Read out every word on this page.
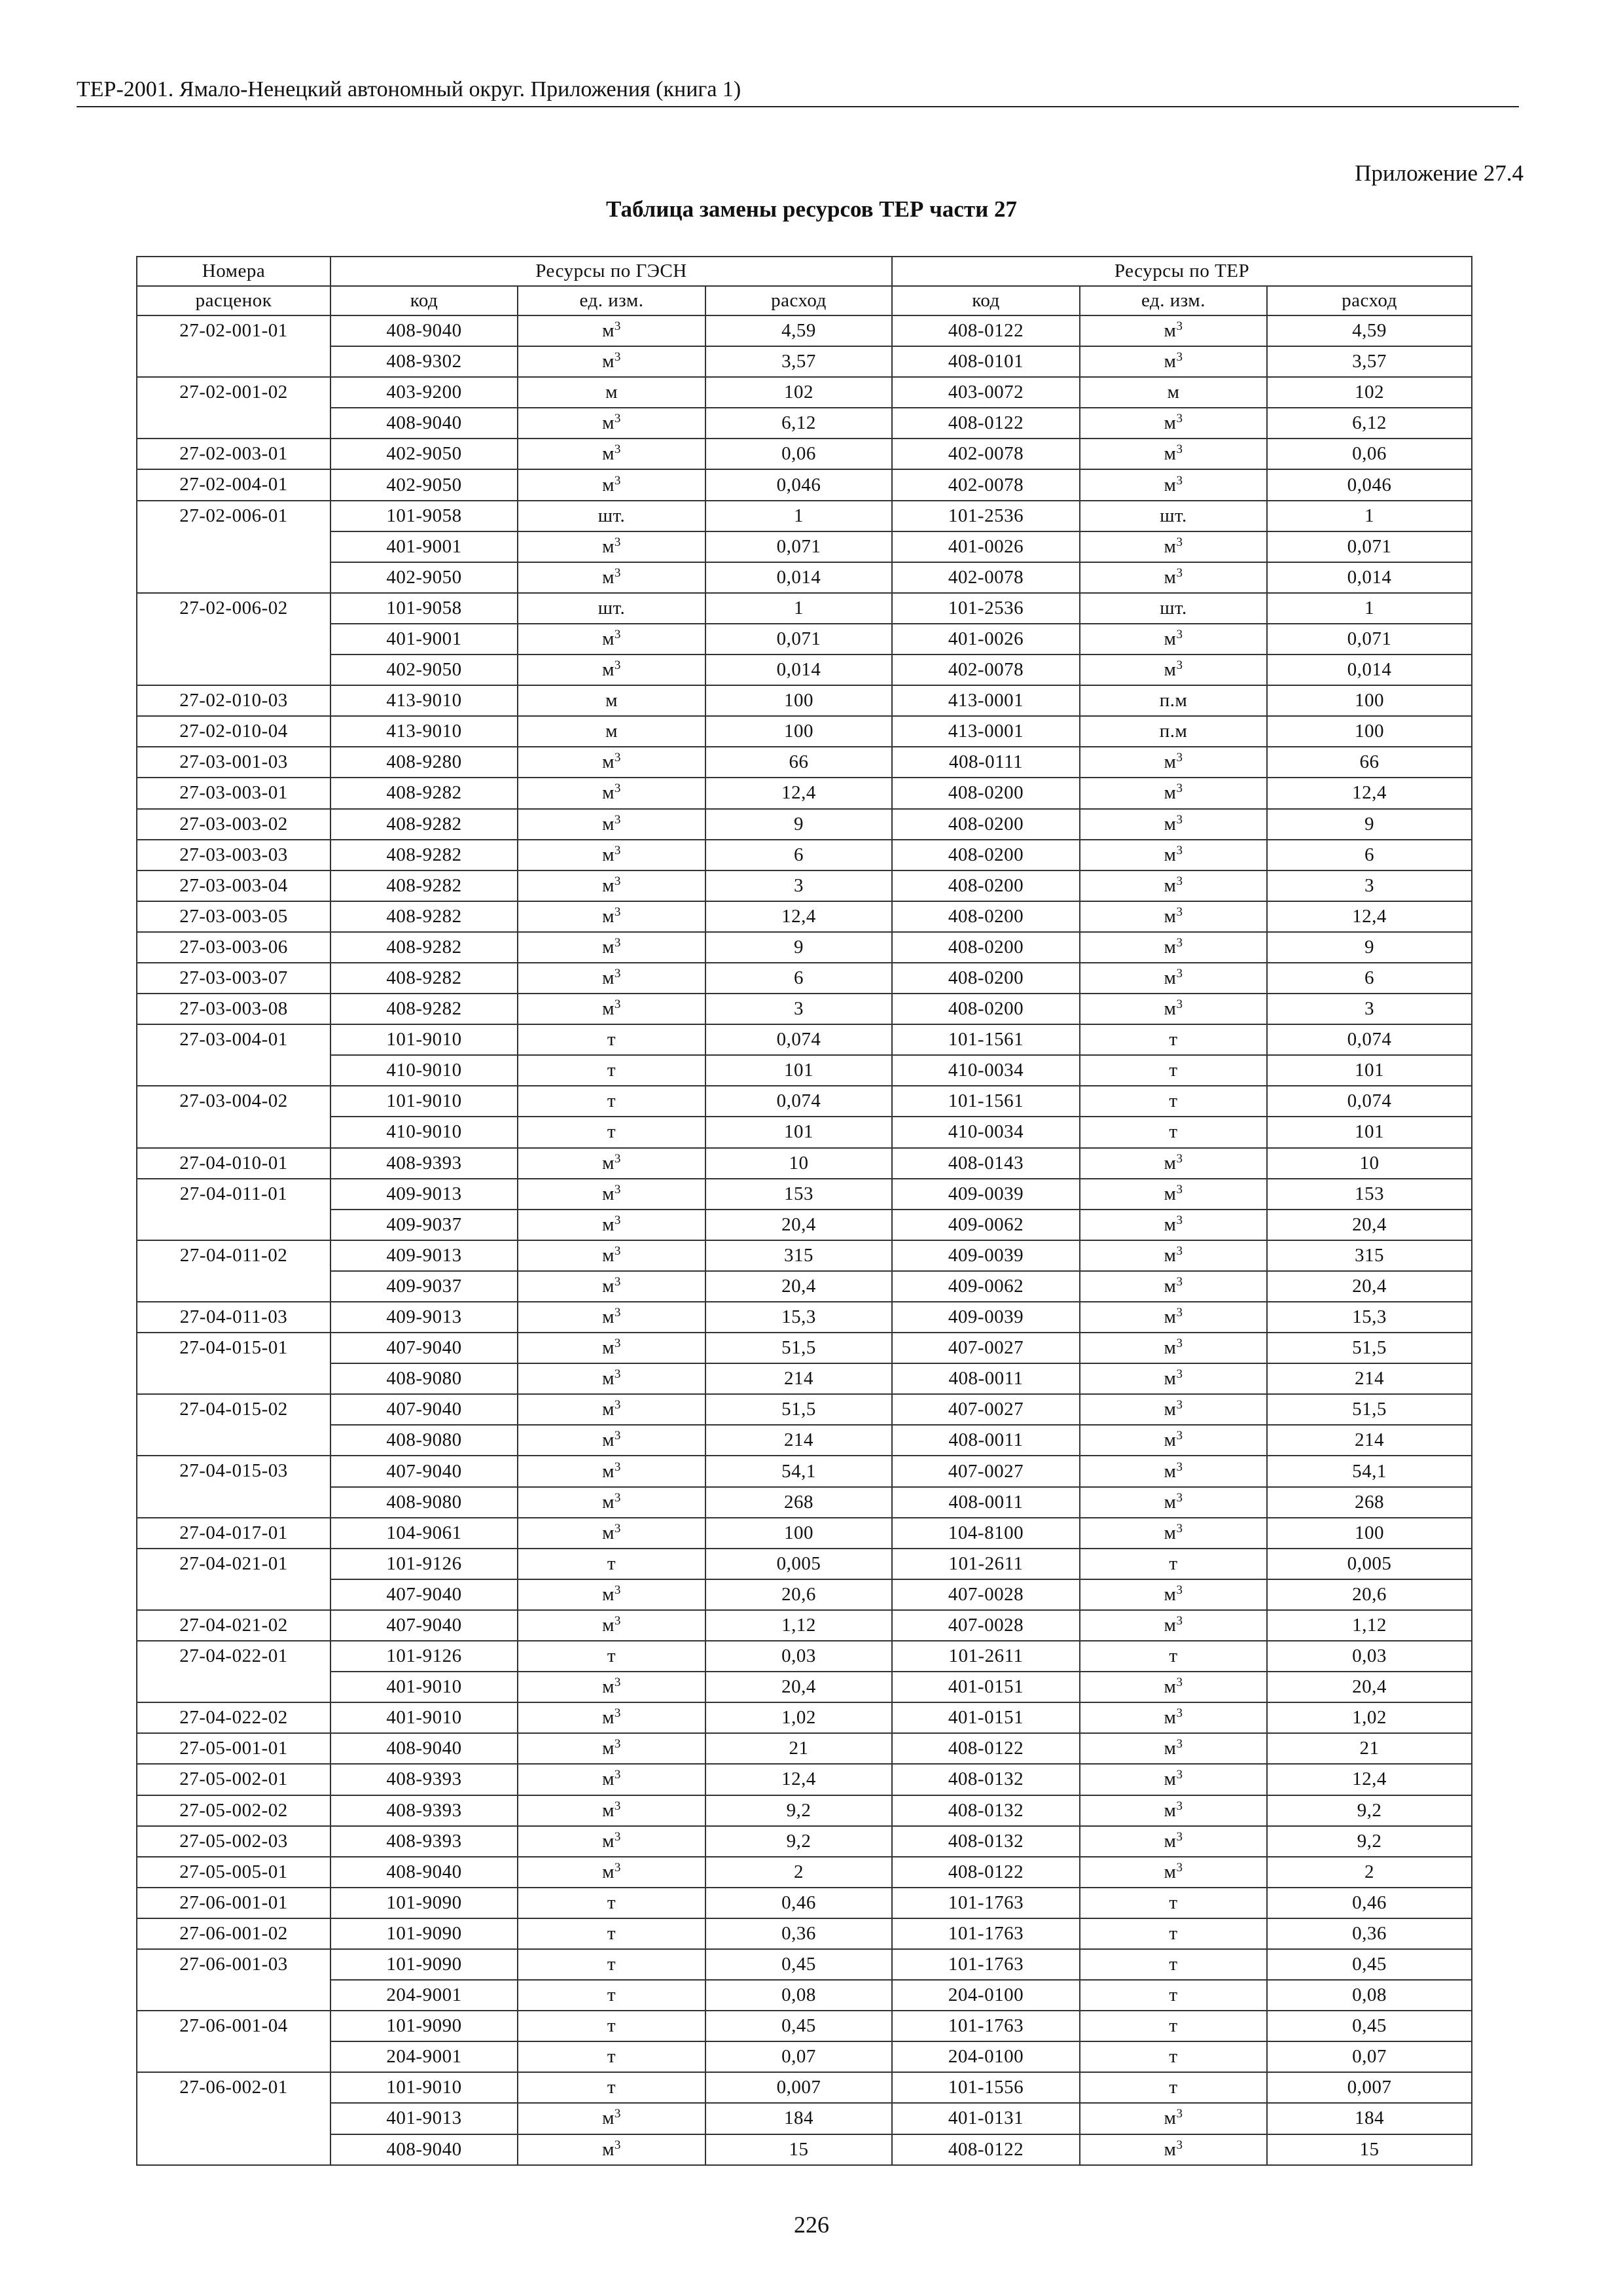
ТЕР-2001. Ямало-Ненецкий автономный округ. Приложения (книга 1)
Приложение 27.4
Таблица замены ресурсов ТЕР части 27
Номера	Ресурсы по ГЭСН			Ресурсы по ТЕР		
расценок	код	ед. изм.	расход	код	ед. изм.	расход
27-02-001-01	408-9040	$м^3$	4,59	408-0122	$м^3$	4,59
	408-9302	$м^3$	3,57	408-0101	$м^3$	3,57
27-02-001-02	403-9200	м	102	403-0072	м	102
	408-9040	$м^3$	6,12	408-0122	$м^3$	6,12
27-02-003-01	402-9050	$м^3$	0,06	402-0078	$м^3$	0,06
27-02-004-01	402-9050	$м^3$	0,046	402-0078	$м^3$	0,046
27-02-006-01	101-9058	шт.	1	101-2536	шт.	1
	401-9001	$м^3$	0,071	401-0026	$м^3$	0,071
	402-9050	$м^3$	0,014	402-0078	$м^3$	0,014
27-02-006-02	101-9058	шт.	1	101-2536	шт.	1
	401-9001	$м^3$	0,071	401-0026	$м^3$	0,071
	402-9050	$м^3$	0,014	402-0078	$м^3$	0,014
27-02-010-03	413-9010	м	100	413-0001	п.м	100
27-02-010-04	413-9010	м	100	413-0001	п.м	100
27-03-001-03	408-9280	$м^3$	66	408-0111	$м^3$	66
27-03-003-01	408-9282	$м^3$	12,4	408-0200	$м^3$	12,4
27-03-003-02	408-9282	$м^3$	9	408-0200	$м^3$	9
27-03-003-03	408-9282	$м^3$	6	408-0200	$м^3$	6
27-03-003-04	408-9282	$м^3$	3	408-0200	$м^3$	3
27-03-003-05	408-9282	$м^3$	12,4	408-0200	$м^3$	12,4
27-03-003-06	408-9282	$м^3$	9	408-0200	$м^3$	9
27-03-003-07	408-9282	$м^3$	6	408-0200	$м^3$	6
27-03-003-08	408-9282	$м^3$	3	408-0200	$м^3$	3
27-03-004-01	101-9010	т	0,074	101-1561	т	0,074
	410-9010	т	101	410-0034	т	101
27-03-004-02	101-9010	т	0,074	101-1561	т	0,074
	410-9010	т	101	410-0034	т	101
27-04-010-01	408-9393	$м^3$	10	408-0143	$м^3$	10
27-04-011-01	409-9013	$м^3$	153	409-0039	$м^3$	153
	409-9037	$м^3$	20,4	409-0062	$м^3$	20,4
27-04-011-02	409-9013	$м^3$	315	409-0039	$м^3$	315
	409-9037	$м^3$	20,4	409-0062	$м^3$	20,4
27-04-011-03	409-9013	$м^3$	15,3	409-0039	$м^3$	15,3
27-04-015-01	407-9040	$м^3$	51,5	407-0027	$м^3$	51,5
	408-9080	$м^3$	214	408-0011	$м^3$	214
27-04-015-02	407-9040	$м^3$	51,5	407-0027	$м^3$	51,5
	408-9080	$м^3$	214	408-0011	$м^3$	214
27-04-015-03	407-9040	$м^3$	54,1	407-0027	$м^3$	54,1
	408-9080	$м^3$	268	408-0011	$м^3$	268
27-04-017-01	104-9061	$м^3$	100	104-8100	$м^3$	100
27-04-021-01	101-9126	т	0,005	101-2611	т	0,005
	407-9040	$м^3$	20,6	407-0028	$м^3$	20,6
27-04-021-02	407-9040	$м^3$	1,12	407-0028	$м^3$	1,12
27-04-022-01	101-9126	т	0,03	101-2611	т	0,03
	401-9010	$м^3$	20,4	401-0151	$м^3$	20,4
27-04-022-02	401-9010	$м^3$	1,02	401-0151	$м^3$	1,02
27-05-001-01	408-9040	$м^3$	21	408-0122	$м^3$	21
27-05-002-01	408-9393	$м^3$	12,4	408-0132	$м^3$	12,4
27-05-002-02	408-9393	$м^3$	9,2	408-0132	$м^3$	9,2
27-05-002-03	408-9393	$м^3$	9,2	408-0132	$м^3$	9,2
27-05-005-01	408-9040	$м^3$	2	408-0122	$м^3$	2
27-06-001-01	101-9090	т	0,46	101-1763	т	0,46
27-06-001-02	101-9090	т	0,36	101-1763	т	0,36
27-06-001-03	101-9090	т	0,45	101-1763	т	0,45
	204-9001	т	0,08	204-0100	т	0,08
27-06-001-04	101-9090	т	0,45	101-1763	т	0,45
	204-9001	т	0,07	204-0100	т	0,07
27-06-002-01	101-9010	т	0,007	101-1556	т	0,007
	401-9013	$м^3$	184	401-0131	$м^3$	184
	408-9040	$м^3$	15	408-0122	$м^3$	15
226
